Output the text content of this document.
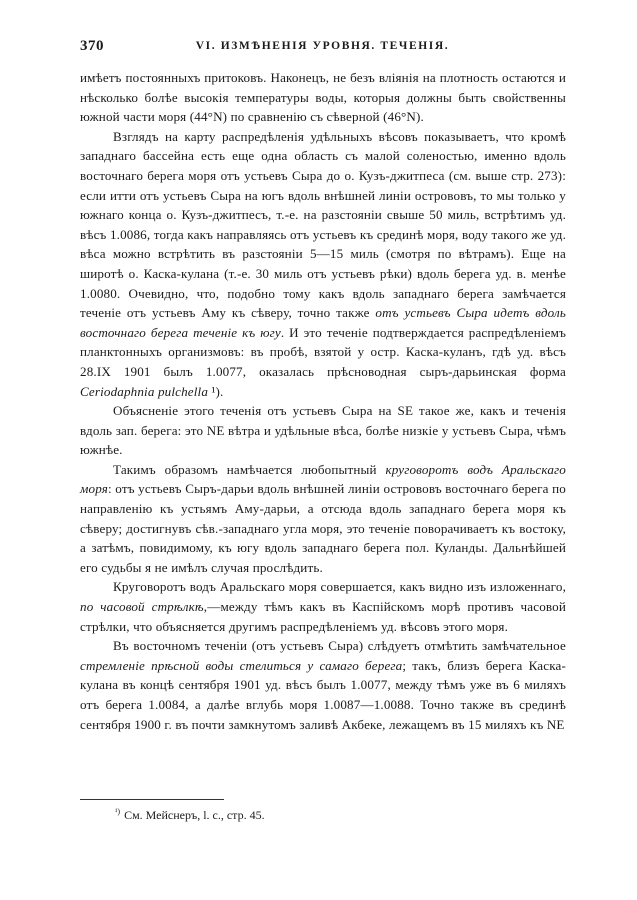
370	VI. ИЗМѢНЕНІЯ УРОВНЯ. ТЕЧЕНІЯ.

имѣетъ постоянныхъ притоковъ. Наконецъ, не безъ вліянія на плотность остаются и нѣсколько болѣе высокія температуры воды, которыя должны быть свойственны южной части моря (44°N) по сравненію съ сѣверной (46°N).

Взглядъ на карту распредѣленія удѣльныхъ вѣсовъ показываетъ, что кромѣ западнаго бассейна есть еще одна область съ малой соленостью, именно вдоль восточнаго берега моря отъ устьевъ Сыра до о. Кузъ-джитпеса (см. выше стр. 273): если итти отъ устьевъ Сыра на югъ вдоль внѣшней линіи острововъ, то мы только у южнаго конца о. Кузъ-джитпесъ, т.-е. на разстояніи свыше 50 миль, встрѣтимъ уд. вѣсъ 1.0086, тогда какъ направляясь отъ устьевъ къ срединѣ моря, воду такого же уд. вѣса можно встрѣтить въ разстояніи 5—15 миль (смотря по вѣтрамъ). Еще на широтѣ о. Каска-кулана (т.-е. 30 миль отъ устьевъ рѣки) вдоль берега уд. в. менѣе 1.0080. Очевидно, что, подобно тому какъ вдоль западнаго берега замѣчается теченіе отъ устьевъ Аму къ сѣверу, точно также отъ устьевъ Сыра идетъ вдоль восточнаго берега теченіе къ югу. И это теченіе подтверждается распредѣленіемъ планктонныхъ организмовъ: въ пробѣ, взятой у остр. Каска-куланъ, гдѣ уд. вѣсъ 28.IX 1901 былъ 1.0077, оказалась прѣсноводная сыръ-дарьинская форма Ceriodaphnia pulchella ¹).

Объясненіе этого теченія отъ устьевъ Сыра на SE такое же, какъ и теченія вдоль зап. берега: это NE вѣтра и удѣльные вѣса, болѣе низкіе у устьевъ Сыра, чѣмъ южнѣе.

Такимъ образомъ намѣчается любопытный круговоротъ водъ Аральскаго моря: отъ устьевъ Сыръ-дарьи вдоль внѣшней линіи острововъ восточнаго берега по направленію къ устьямъ Аму-дарьи, а отсюда вдоль западнаго берега моря къ сѣверу; достигнувъ сѣв.-западнаго угла моря, это теченіе поворачиваетъ къ востоку, а затѣмъ, повидимому, къ югу вдоль западнаго берега пол. Куланды. Дальнѣйшей его судьбы я не имѣлъ случая прослѣдить.

Круговоротъ водъ Аральскаго моря совершается, какъ видно изъ изложеннаго, по часовой стрѣлкѣ,—между тѣмъ какъ въ Каспійскомъ морѣ противъ часовой стрѣлки, что объясняется другимъ распредѣленіемъ уд. вѣсовъ этого моря.

Въ восточномъ теченіи (отъ устьевъ Сыра) слѣдуетъ отмѣтить замѣчательное стремленіе прѣсной воды стелиться у самаго берега; такъ, близъ берега Каска-кулана въ концѣ сентября 1901 уд. вѣсъ былъ 1.0077, между тѣмъ уже въ 6 миляхъ отъ берега 1.0084, а далѣе вглубь моря 1.0087—1.0088. Точно также въ срединѣ сентября 1900 г. въ почти замкнутомъ заливѣ Акбеке, лежащемъ въ 15 миляхъ къ NE

$^{^1)}$ См. Мейснеръ, l. c., стр. 45.
